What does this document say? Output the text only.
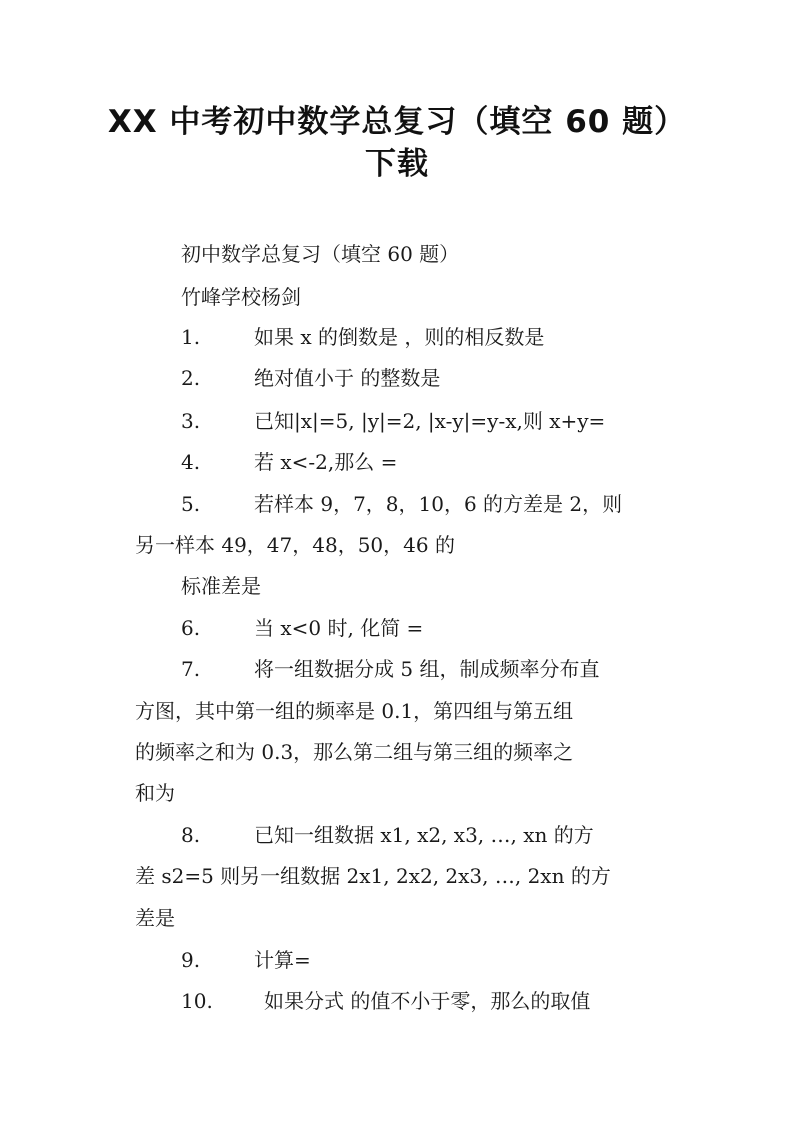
XX 中考初中数学总复习（填空 60 题）
下载
初中数学总复习（填空 60 题）
竹峰学校杨剑
1.	如果 x 的倒数是 ，则的相反数是
2.	绝对值小于 的整数是
3.	已知|x|=5, |y|=2, |x-y|=y-x,则 x+y=
4.	若 x<-2,那么 =
5.	若样本 9，7，8，10，6 的方差是 2，则
另一样本 49，47，48，50，46 的
标准差是
6.	当 x<0 时, 化简 =
7.	将一组数据分成 5 组，制成频率分布直
方图，其中第一组的频率是 0.1，第四组与第五组
的频率之和为 0.3，那么第二组与第三组的频率之
和为
8.	已知一组数据 x1, x2, x3, …, xn 的方
差 s2=5 则另一组数据 2x1, 2x2, 2x3, …, 2xn 的方
差是
9.	计算=
10.	如果分式 的值不小于零，那么的取值
